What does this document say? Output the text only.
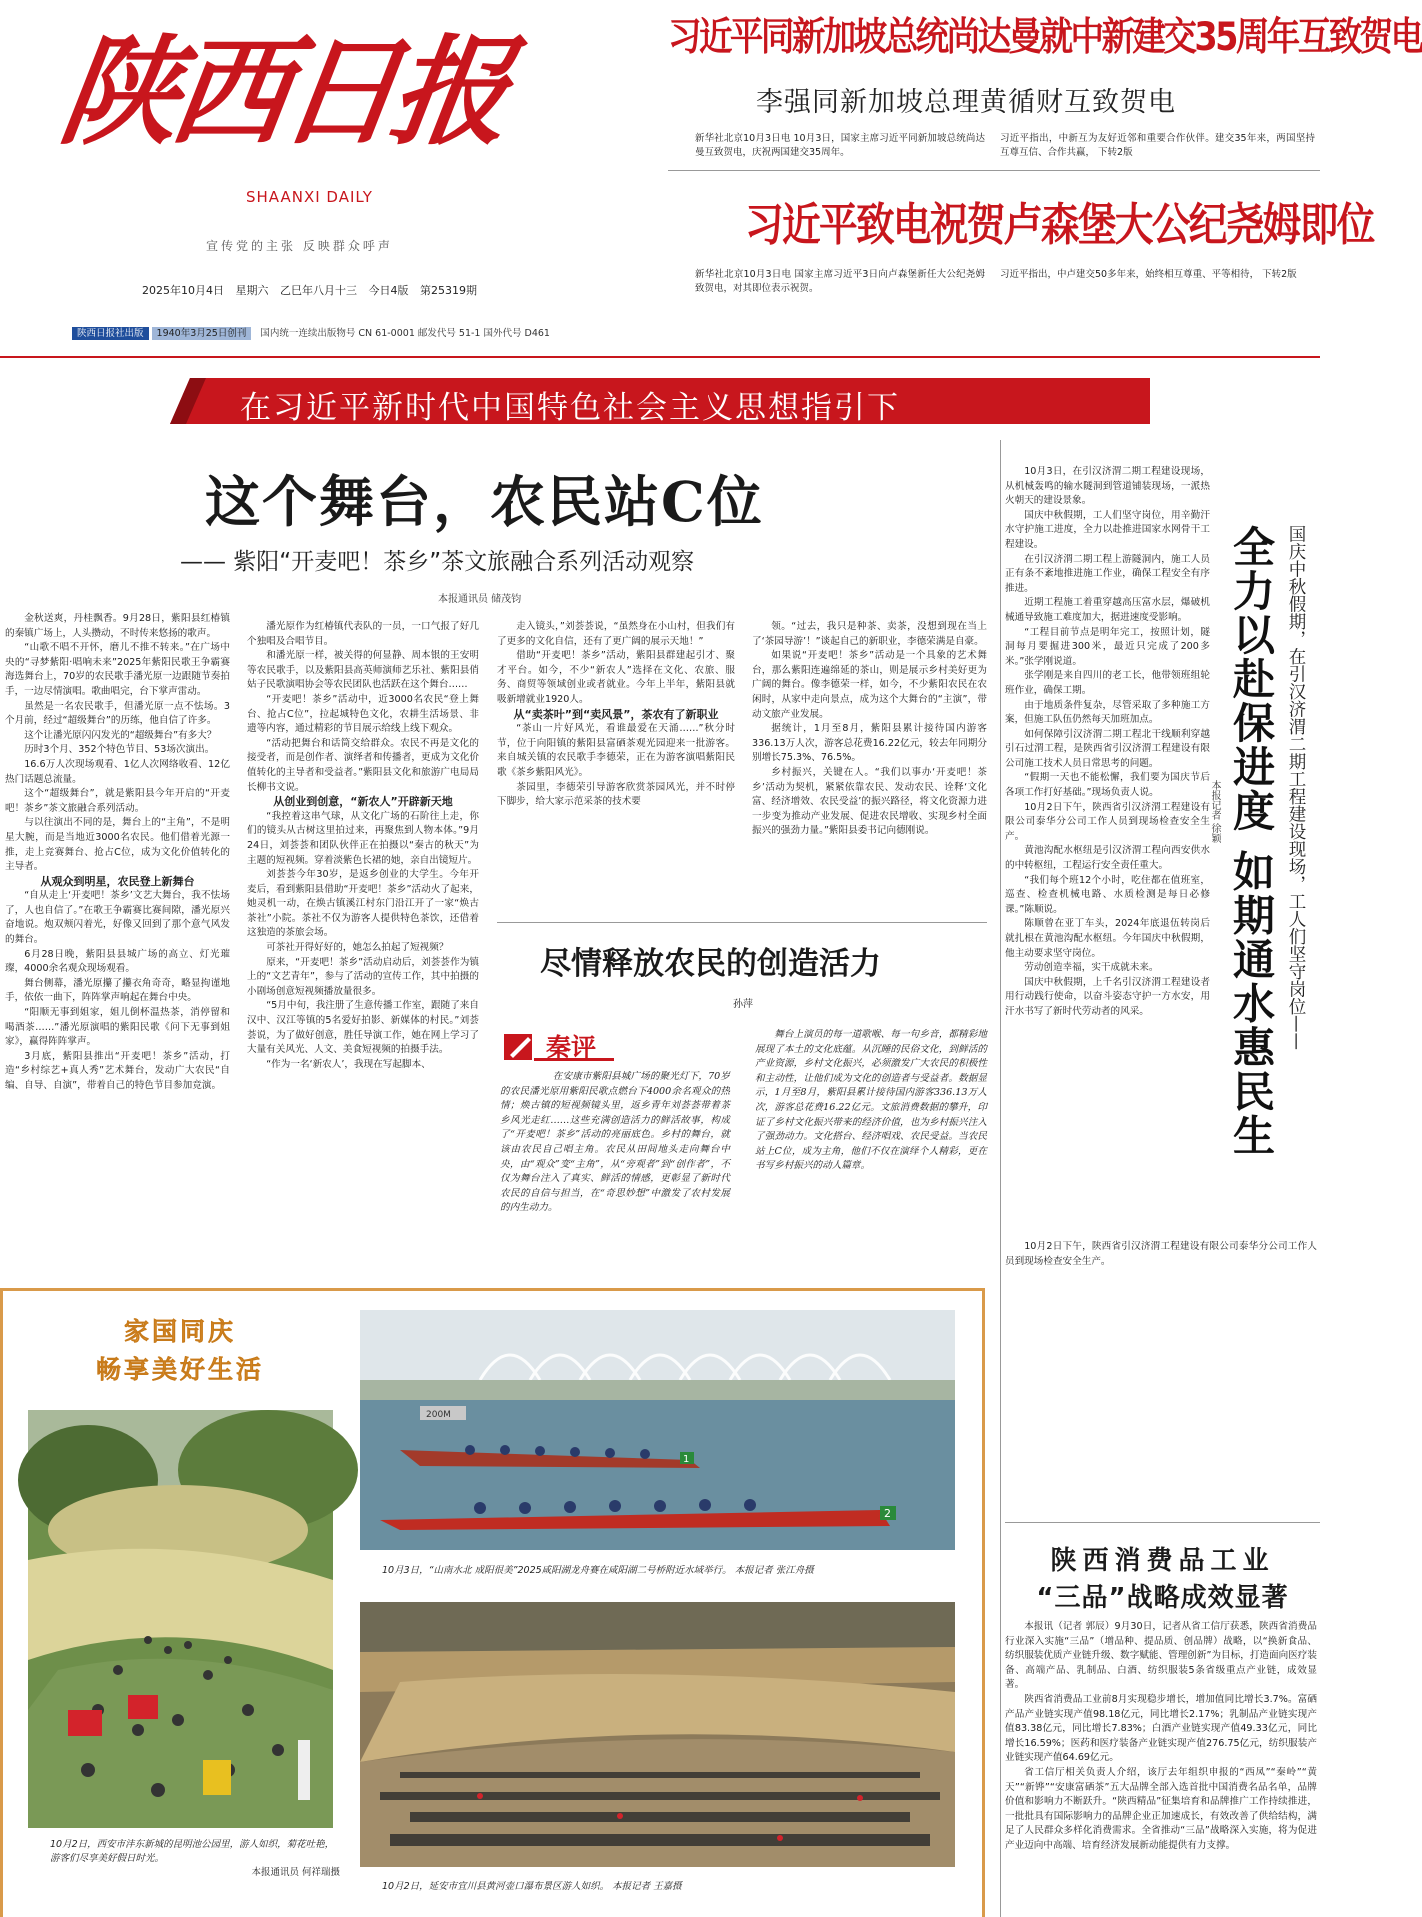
陕西日报
SHAANXI DAILY
宣传党的主张 反映群众呼声
2025年10月4日 星期六 乙巳年八月十三 今日4版 第25319期
陕西日报社出版 1940年3月25日创刊 国内统一连续出版物号 CN 61-0001 邮发代号 51-1 国外代号 D461
习近平同新加坡总统尚达曼就中新建交35周年互致贺电
李强同新加坡总理黄循财互致贺电
新华社北京10月3日电 10月3日，国家主席习近平同新加坡总统尚达曼互致贺电，庆祝两国建交35周年。
习近平指出，中新互为友好近邻和重要合作伙伴。建交35年来，两国坚持互尊互信、合作共赢， 下转2版
习近平致电祝贺卢森堡大公纪尧姆即位
新华社北京10月3日电 国家主席习近平3日向卢森堡新任大公纪尧姆致贺电，对其即位表示祝贺。
习近平指出，中卢建交50多年来，始终相互尊重、平等相待， 下转2版
在习近平新时代中国特色社会主义思想指引下
这个舞台，农民站C位
—— 紫阳“开麦吧！茶乡”茶文旅融合系列活动观察
本报通讯员 储茂钧

金秋送爽，丹桂飘香。9月28日，紫阳县红椿镇的秦镇广场上，人头攒动，不时传来悠扬的歌声。

“山歌不唱不开怀，磨儿不推不转来。”在广场中央的“寻梦紫阳·唱响未来”2025年紫阳民歌王争霸赛海选舞台上，70岁的农民歌手潘光原一边跟随节奏拍手，一边尽情演唱。歌曲唱完，台下掌声雷动。

虽然是一名农民歌手，但潘光原一点不怯场。3个月前，经过“超级舞台”的历练，他自信了许多。

这个让潘光原闪闪发光的“超级舞台”有多大？

历时3个月、352个特色节目、53场次演出。

16.6万人次现场观看、1亿人次网络收看、12亿热门话题总流量。

这个“超级舞台”，就是紫阳县今年开启的“开麦吧！茶乡”茶文旅融合系列活动。

与以往演出不同的是，舞台上的“主角”，不是明星大腕，而是当地近3000名农民。他们借着光源一推，走上竞赛舞台、抢占C位，成为文化价值转化的主导者。

从观众到明星，农民登上新舞台

“自从走上‘开麦吧！茶乡’文艺大舞台，我不怯场了，人也自信了。”在歌王争霸赛比赛间隙，潘光原兴奋地说。炮双颊闪着光，好像又回到了那个意气风发的舞台。

6月28日晚，紫阳县县城广场的高立、灯光璀璨，4000余名观众现场观看。

舞台侧幕，潘光原攥了攥衣角奇奇，略显拘谨地手，依依一曲下，阵阵掌声响起在舞台中央。

“阳顺无事到姐家，姐儿倒杯温热茶，消停留和喝酒茶……”潘光原演唱的紫阳民歌《问下无事到姐家》，赢得阵阵掌声。

3月底，紫阳县推出“开麦吧！茶乡”活动，打造“乡村综艺+真人秀”艺术舞台，发动广大农民“自编、自导、自演”，带着自己的特色节目参加竞演。

潘光原作为红椿镇代表队的一员，一口气报了好几个独唱及合唱节目。

和潘光原一样，被关得的何显静、周本银的王安明等农民歌手，以及紫阳县高英师演师艺乐社、紫阳县俏姑子民歌演唱协会等农民团队也活跃在这个舞台……

“开麦吧！茶乡”活动中，近3000名农民“登上舞台、抢占C位”，拉起城特色文化，农耕生活场景、非遗等内容，通过精彩的节目展示给线上线下观众。

“活动把舞台和话筒交给群众。农民不再是文化的接受者，而是创作者、演绎者和传播者，更成为文化价值转化的主导者和受益者。”紫阳县文化和旅游广电局局长柳书文说。

从创业到创意，“新农人”开辟新天地

“我控着这串气球，从文化广场的石阶往上走，你们的镜头从古树这里拍过来，再聚焦到人物本体。”9月24日，刘荟荟和团队伙伴正在拍摄以“秦古的秋天”为主题的短视频。穿着淡紫色长裙的她，亲自出镜短片。

刘荟荟今年30岁，是返乡创业的大学生。今年开麦后，看到紫阳县借助“开麦吧！茶乡”活动火了起来，她灵机一动，在焕古镇溪江村东门沿江开了一家“焕古茶社”小院。茶社不仅为游客人提供特色茶饮，还借着这独造的茶旅会场。

可茶社开得好好的，她怎么拍起了短视频？

原来，“开麦吧！茶乡”活动启动后，刘荟荟作为镇上的“文艺青年”，参与了活动的宣传工作，其中拍摄的小剧场创意短视频播放量很多。

“5月中旬，我注册了生意传播工作室，跟随了来自汉中、汉江等镇的5名爱好拍影、新媒体的村民。”刘荟荟说，为了做好创意，胜任导演工作，她在网上学习了大量有关风光、人文、美食短视频的拍摄手法。

“作为一名‘新农人’，我现在写起脚本、

走入镜头，”刘荟荟说，“虽然身在小山村，但我们有了更多的文化自信，还有了更广阔的展示天地！”

借助“开麦吧！茶乡”活动，紫阳县群建起引才、聚才平台。如今，不少“新农人”选择在文化、农旅、服务、商贸等领域创业或者就业。今年上半年，紫阳县就吸新增就业1920人。

从“卖茶叶”到“卖风景”，茶农有了新职业

“茶山一片好风光，看谁最爱在天涌……”秋分时节，位于向阳镇的紫阳县富硒茶观光园迎来一批游客。来自城关镇的农民歌手李德荣，正在为游客演唱紫阳民歌《茶乡紫阳风光》。

茶园里，李德荣引导游客欣赏茶园风光，并不时停下脚步，给大家示范采茶的技术要

领。“过去，我只是种茶、卖茶，没想到现在当上了‘茶园导游’！”谈起自己的新职业，李德荣满是自豪。

如果说“开麦吧！茶乡”活动是一个具象的艺术舞台，那么紫阳连遍绵延的茶山，则是展示乡村美好更为广阔的舞台。像李德荣一样，如今，不少紫阳农民在农闲时，从家中走向景点，成为这个大舞台的“主演”，带动文旅产业发展。

据统计，1月至8月，紫阳县累计接待国内游客336.13万人次，游客总花费16.22亿元，较去年同期分别增长75.3%、76.5%。

乡村振兴，关键在人。“我们以事办‘开麦吧！茶乡’活动为契机，紧紧依靠农民、发动农民、诠释‘文化富、经济增效、农民受益’的振兴路径，将文化资源力进一步变为推动产业发展、促进农民增收、实现乡村全面振兴的强劲力量。”紫阳县委书记向德刚说。

尽情释放农民的创造活力
孙萍
秦评

在安康市紫阳县城广场的聚光灯下，70岁的农民潘光原用紫阳民歌点燃台下4000余名观众的热情；焕古镇的短视频镜头里，返乡青年刘荟荟带着茶乡风光走红……这些充满创造活力的鲜活故事，构成了“开麦吧！茶乡”活动的亮丽底色。乡村的舞台，就该由农民自己唱主角。农民从田间地头走向舞台中央，由“观众”变“主角”，从“旁观者”到“创作者”，不仅为舞台注入了真实、鲜活的情感，更彰显了新时代农民的自信与担当，在“奇思妙想”中激发了农村发展的内生动力。

舞台上演员的每一道歌喉、每一句乡音，都精彩地展现了本土的文化底蕴。从沉睡的民俗文化，到鲜活的产业资源，乡村文化振兴，必须激发广大农民的积极性和主动性，让他们成为文化的创造者与受益者。数据显示，1月至8月，紫阳县累计接待国内游客336.13万人次，游客总花费16.22亿元。文旅消费数据的攀升，印证了乡村文化振兴带来的经济价值，也为乡村振兴注入了强劲动力。文化搭台、经济唱戏、农民受益。当农民站上C位，成为主角，他们不仅在演绎个人精彩，更在书写乡村振兴的动人篇章。

家国同庆
畅享美好生活
10月2日，西安市沣东新城的昆明池公园里，游人如织，菊花吐艳，游客们尽享美好假日时光。
本报通讯员 何祥瑞摄
200M
1
2
10月3日，“山南水北 成阳很美”2025咸阳湖龙舟赛在咸阳湖二号桥附近水域举行。 本报记者 张江舟摄
10月2日，延安市宜川县黄河壶口瀑布景区游人如织。 本报记者 王嘉摄

10月3日，在引汉济渭二期工程建设现场，从机械轰鸣的输水隧洞到管道铺装现场，一派热火朝天的建设景象。

国庆中秋假期，工人们坚守岗位，用辛勤汗水守护施工进度，全力以赴推进国家水网骨干工程建设。

在引汉济渭二期工程上游隧洞内，施工人员正有条不紊地推进施工作业，确保工程安全有序推进。

近期工程施工着重穿越高压富水层，爆破机械通导致施工难度加大，据进速度受影响。

“工程目前节点是明年完工，按照计划，隧洞每月要掘进300米，最近只完成了200多米。”张学刚说道。

张学刚是来自四川的老工长，他带领班组轮班作业，确保工期。

由于地质条件复杂，尽管采取了多种施工方案，但施工队伍仍然每天加班加点。

如何保障引汉济渭二期工程北干线顺利穿越引石过渭工程，是陕西省引汉济渭工程建设有限公司施工技术人员日常思考的问题。

“假期一天也不能松懈，我们要为国庆节后各项工作打好基础。”现场负责人说。

10月2日下午，陕西省引汉济渭工程建设有限公司泰华分公司工作人员到现场检查安全生产。

黄池沟配水枢纽是引汉济渭工程向西安供水的中转枢纽，工程运行安全责任重大。

“我们每个班12个小时，吃住都在值班室，巡查、检查机械电路、水质检测是每日必修课。”陈顺说。

陈顺曾在亚丁车头，2024年底退伍转岗后就扎根在黄池沟配水枢纽。今年国庆中秋假期，他主动要求坚守岗位。

劳动创造幸福，实干成就未来。

国庆中秋假期，上千名引汉济渭工程建设者用行动践行使命，以奋斗姿态守护一方水安，用汗水书写了新时代劳动者的风采。

本报记者 徐颖 全力以赴保进度 如期通水惠民生 国庆中秋假期，在引汉济渭二期工程建设现场，工人们坚守岗位——

10月2日下午，陕西省引汉济渭工程建设有限公司泰华分公司工作人员到现场检查安全生产。

陕西消费品工业
“三品”战略成效显著

本报讯（记者 郭辰）9月30日，记者从省工信厅获悉，陕西省消费品行业深入实施“三品”（增品种、提品质、创品牌）战略，以“换新食品、纺织服装优质产业链升级、数字赋能、管理创新”为目标，打造面向医疗装备、高端产品、乳制品、白酒、纺织服装5条省级重点产业链，成效显著。

陕西省消费品工业前8月实现稳步增长，增加值同比增长3.7%。富硒产品产业链实现产值98.18亿元，同比增长2.17%；乳制品产业链实现产值83.38亿元，同比增长7.83%；白酒产业链实现产值49.33亿元，同比增长16.59%；医药和医疗装备产业链实现产值276.75亿元，纺织服装产业链实现产值64.69亿元。

省工信厅相关负责人介绍，该厅去年组织申报的“西凤”“秦岭”“黄天”“新铧”“安康富硒茶”五大品牌全部入选首批中国消费名品名单，品牌价值和影响力不断跃升。“陕西精品”征集培育和品牌推广工作持续推进，一批批具有国际影响力的品牌企业正加速成长，有效改善了供给结构，满足了人民群众多样化消费需求。全省推动“三品”战略深入实施，将为促进产业迈向中高端、培育经济发展新动能提供有力支撑。
